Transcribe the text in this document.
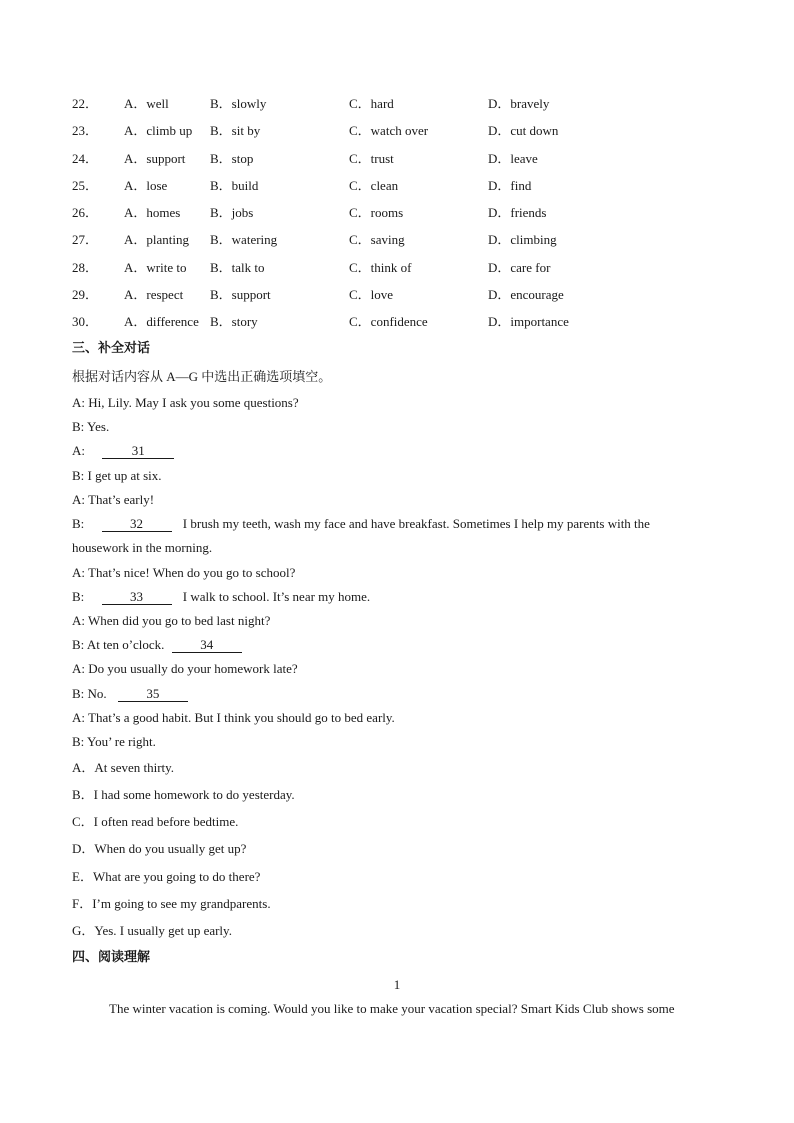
22． A．well	B．slowly	C．hard	D．bravely
23． A．climb up B．sit by	C．watch over	D．cut down
24． A．support B．stop	C．trust	D．leave
25． A．lose	B．build	C．clean	D．find
26． A．homes B．jobs	C．rooms	D．friends
27． A．planting B．watering	C．saving	D．climbing
28． A．write to B．talk to	C．think of	D．care for
29． A．respect B．support	C．love	D．encourage
30． A．difference B．story	C．confidence	D．importance
三、补全对话
根据对话内容从 A—G 中选出正确选项填空。
A: Hi, Lily. May I ask you some questions?
B: Yes.
A:	31
B: I get up at six.
A: That’s early!
B:	32	I brush my teeth, wash my face and have breakfast. Sometimes I help my parents with the
housework in the morning.
A: That’s nice! When do you go to school?
B:	33	I walk to school. It’s near my home.
A: When did you go to bed last night?
B: At ten o’clock.	34
A: Do you usually do your homework late?
B: No.	35
A: That’s a good habit. But I think you should go to bed early.
B: You’ re right.
A．At seven thirty.
B．I had some homework to do yesterday.
C．I often read before bedtime.
D．When do you usually get up?
E．What are you going to do there?
F．I’m going to see my grandparents.
G．Yes. I usually get up early.
四、阅读理解
1
The winter vacation is coming. Would you like to make your vacation special? Smart Kids Club shows some
